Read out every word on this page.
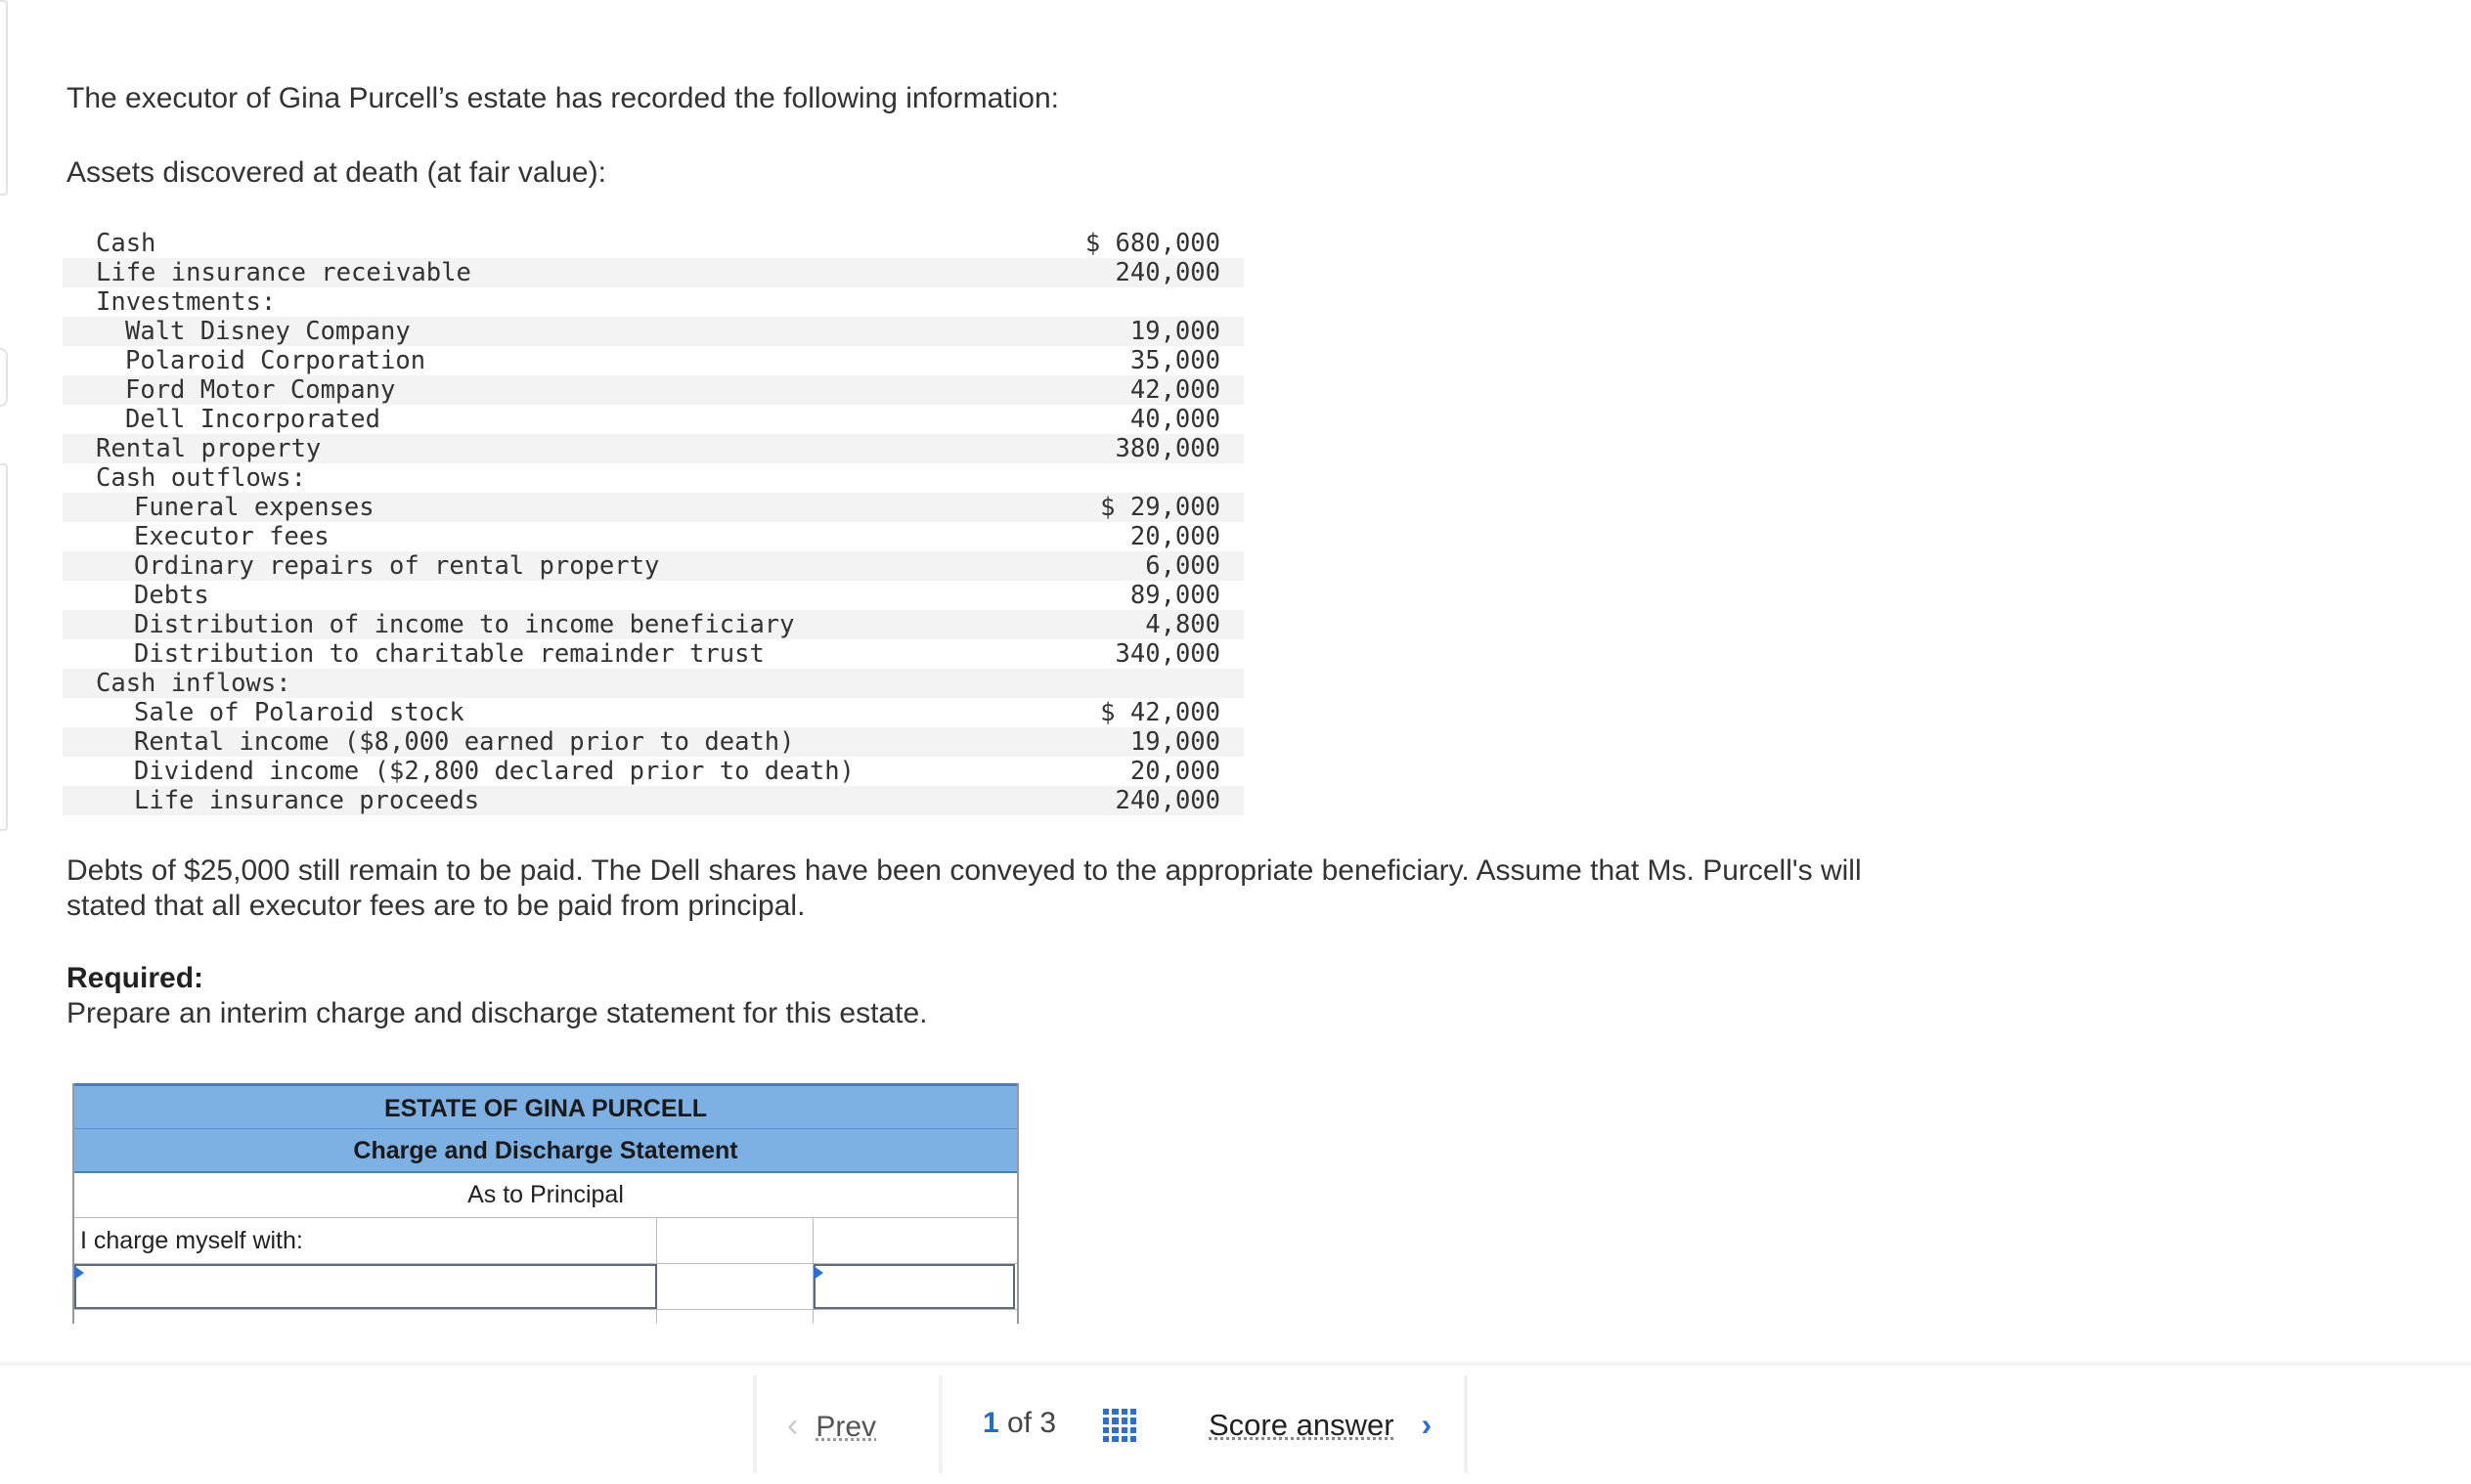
The executor of Gina Purcell’s estate has recorded the following information:

Assets discovered at death (at fair value):

Cash	$ 680,000
Life insurance receivable	240,000
Investments:
Walt Disney Company	19,000
Polaroid Corporation	35,000
Ford Motor Company	42,000
Dell Incorporated	40,000
Rental property	380,000
Cash outflows:
Funeral expenses	$ 29,000
Executor fees	20,000
Ordinary repairs of rental property	6,000
Debts	89,000
Distribution of income to income beneficiary	4,800
Distribution to charitable remainder trust	340,000
Cash inflows:
Sale of Polaroid stock	$ 42,000
Rental income ($8,000 earned prior to death)	19,000
Dividend income ($2,800 declared prior to death)	20,000
Life insurance proceeds	240,000

Debts of $25,000 still remain to be paid. The Dell shares have been conveyed to the appropriate beneficiary. Assume that Ms. Purcell's will stated that all executor fees are to be paid from principal.

Required:

Prepare an interim charge and discharge statement for this estate.

ESTATE OF GINA PURCELL
Charge and Discharge Statement
As to Principal
I charge myself with:
‹ Prev	1 of 3	Score answer ›
